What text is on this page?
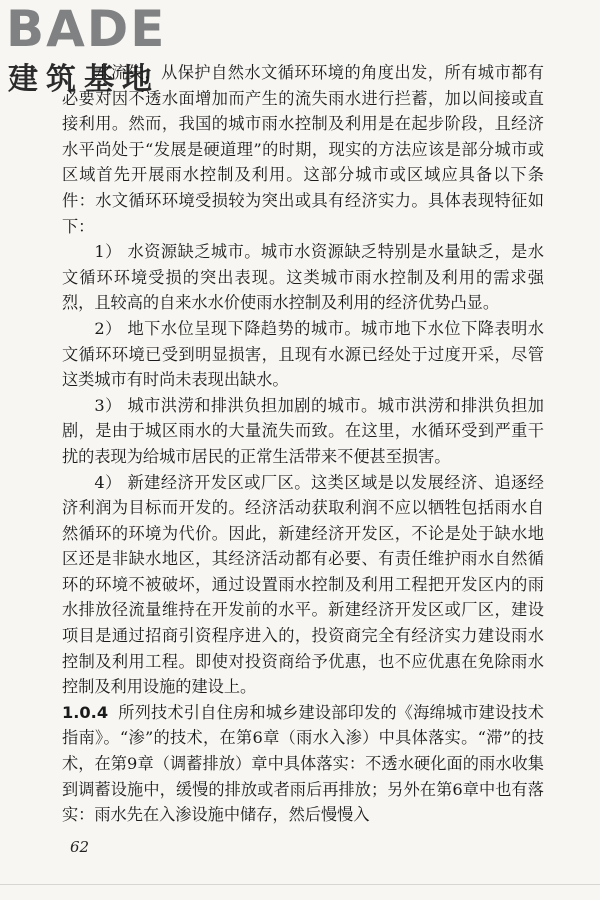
BADE
建筑基地

水流失，从保护自然水文循环环境的角度出发，所有城市都有必要对因不透水面增加而产生的流失雨水进行拦蓄，加以间接或直接利用。然而，我国的城市雨水控制及利用是在起步阶段，且经济水平尚处于“发展是硬道理”的时期，现实的方法应该是部分城市或区域首先开展雨水控制及利用。这部分城市或区域应具备以下条件：水文循环环境受损较为突出或具有经济实力。具体表现特征如下：

1） 水资源缺乏城市。城市水资源缺乏特别是水量缺乏，是水文循环环境受损的突出表现。这类城市雨水控制及利用的需求强烈，且较高的自来水水价使雨水控制及利用的经济优势凸显。

2） 地下水位呈现下降趋势的城市。城市地下水位下降表明水文循环环境已受到明显损害，且现有水源已经处于过度开采，尽管这类城市有时尚未表现出缺水。

3） 城市洪涝和排洪负担加剧的城市。城市洪涝和排洪负担加剧，是由于城区雨水的大量流失而致。在这里，水循环受到严重干扰的表现为给城市居民的正常生活带来不便甚至损害。

4） 新建经济开发区或厂区。这类区域是以发展经济、追逐经济利润为目标而开发的。经济活动获取利润不应以牺牲包括雨水自然循环的环境为代价。因此，新建经济开发区，不论是处于缺水地区还是非缺水地区，其经济活动都有必要、有责任维护雨水自然循环的环境不被破坏，通过设置雨水控制及利用工程把开发区内的雨水排放径流量维持在开发前的水平。新建经济开发区或厂区，建设项目是通过招商引资程序进入的，投资商完全有经济实力建设雨水控制及利用工程。即使对投资商给予优惠，也不应优惠在免除雨水控制及利用设施的建设上。

1.0.4 所列技术引自住房和城乡建设部印发的《海绵城市建设技术指南》。“渗”的技术，在第6章（雨水入渗）中具体落实。“滞”的技术，在第9章（调蓄排放）章中具体落实：不透水硬化面的雨水收集到调蓄设施中，缓慢的排放或者雨后再排放；另外在第6章中也有落实：雨水先在入渗设施中储存，然后慢慢入

62
